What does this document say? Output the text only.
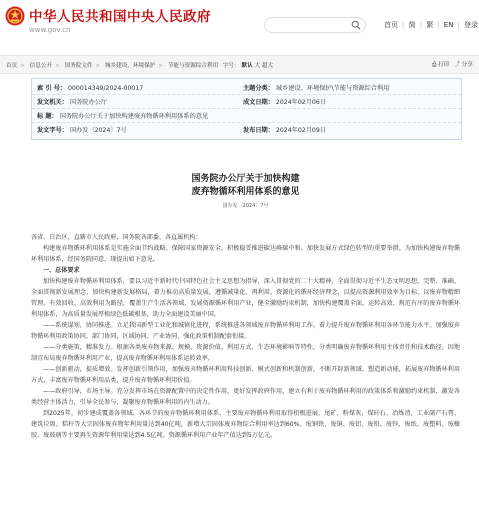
中华人民共和国中央人民政府
www.gov.cn
首页 | 简 | 繁 | EN | 登录
首页 > 信息公开 > 国务院文件 > 城乡建设、环境保护 > 节能与资源综合利用 字号： 默认 大 超大	⎙ 打印 ⤴ 分享
索 引 号： 000014349/2024-00017	主题分类： 城乡建设、环境保护\节能与资源综合利用
发文机关： 国务院办公厅	成文日期： 2024年02月06日
标 题： 国务院办公厅关于加快构建废弃物循环利用体系的意见
发文字号： 国办发〔2024〕7号	发布日期： 2024年02月09日
国务院办公厅关于加快构建
废弃物循环利用体系的意见
国办发〔2024〕7号

各省、自治区、直辖市人民政府，国务院各部委、各直属机构：

构建废弃物循环利用体系是实施全面节约战略、保障国家资源安全、积极稳妥推进碳达峰碳中和、加快发展方式绿色转型的重要举措。为加快构建废弃物循环利用体系，经国务院同意，现提出如下意见。

一、总体要求

加快构建废弃物循环利用体系，要以习近平新时代中国特色社会主义思想为指导，深入贯彻党的二十大精神，全面贯彻习近平生态文明思想，完整、准确、全面贯彻新发展理念，加快构建新发展格局，着力推动高质量发展，遵循减量化、再利用、资源化的循环经济理念，以提高资源利用效率为目标，以废弃物精细管理、有效回收、高效利用为路径，覆盖生产生活各领域，发展资源循环利用产业，健全激励约束机制，加快构建覆盖全面、运转高效、规范有序的废弃物循环利用体系，为高质量发展厚植绿色低碳根基，助力全面建设美丽中国。

——系统谋划，协同推进。立足我国新型工业化和城镇化进程，系统推进各领域废弃物循环利用工作，着力提升废弃物循环利用各环节能力水平。加强废弃物循环利用政策协同、部门协同、区域协同、产业协同，强化政策机制配套衔接。

——分类施策，精准发力。根据各类废弃物来源、规模、资源价值、利用方式、生态环境影响等特性，分类明确废弃物循环利用主体责任和技术路径。因地制宜布局废弃物循环利用产业，提高废弃物循环利用体系运转效率。

——创新驱动，提质增效。发挥创新引领作用，加强废弃物循环利用科技创新、模式创新和机制创新，不断开辟新领域、塑造新动能，拓展废弃物循环利用方式，丰富废弃物循环利用品类，提升废弃物循环利用价值。

——政府引导，市场主导。充分发挥市场在资源配置中的决定性作用，更好发挥政府作用，建立有利于废弃物循环利用的政策体系和激励约束机制，激发各类经营主体活力，引导全民参与，凝聚废弃物循环利用的内生动力。

到2025年，初步建成覆盖各领域、各环节的废弃物循环利用体系，主要废弃物循环利用取得积极进展。尾矿、粉煤灰、煤矸石、冶炼渣、工业副产石膏、建筑垃圾、秸秆等大宗固体废弃物年利用量达到40亿吨，新增大宗固体废弃物综合利用率达到60%。废钢铁、废铜、废铝、废铅、废锌、废纸、废塑料、废橡胶、废玻璃等主要再生资源年利用量达到4.5亿吨。资源循环利用产业年产值达到5万亿元。
